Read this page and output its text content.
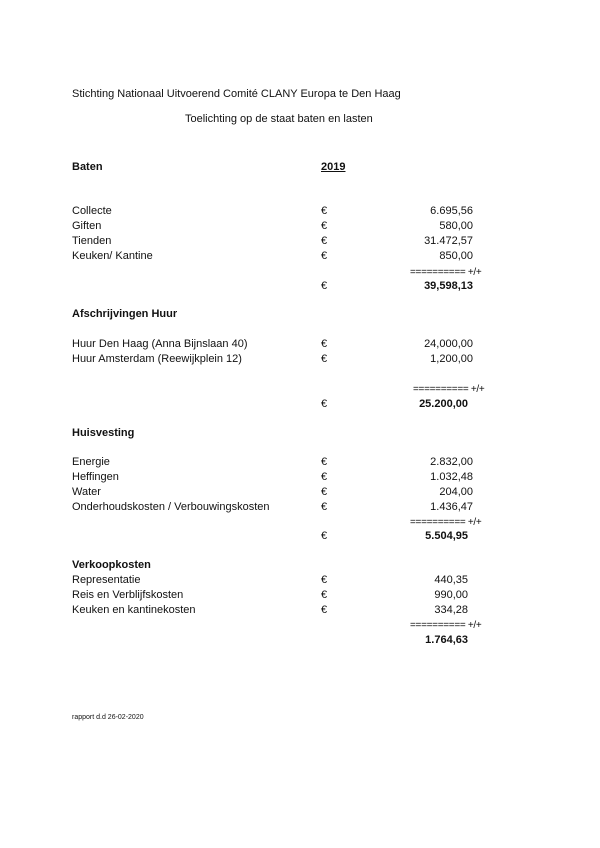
Stichting Nationaal Uitvoerend Comité CLANY Europa te Den Haag
Toelichting op de staat baten en lasten
Baten	2019
Collecte	€	6.695,56
Giften	€	580,00
Tienden	€	31.472,57
Keuken/ Kantine	€	850,00
========== +/+
€	39,598,13
Afschrijvingen Huur
Huur Den Haag (Anna Bijnslaan 40)	€	24,000,00
Huur Amsterdam (Reewijkplein 12)	€	1,200,00
========== +/+
€	25.200,00
Huisvesting
Energie	€	2.832,00
Heffingen	€	1.032,48
Water	€	204,00
Onderhoudskosten / Verbouwingskosten	€	1.436,47
========== +/+
€	5.504,95
Verkoopkosten
Representatie	€	440,35
Reis en Verblijfskosten	€	990,00
Keuken en kantinekosten	€	334,28
========== +/+
1.764,63
rapport d.d 26-02-2020
